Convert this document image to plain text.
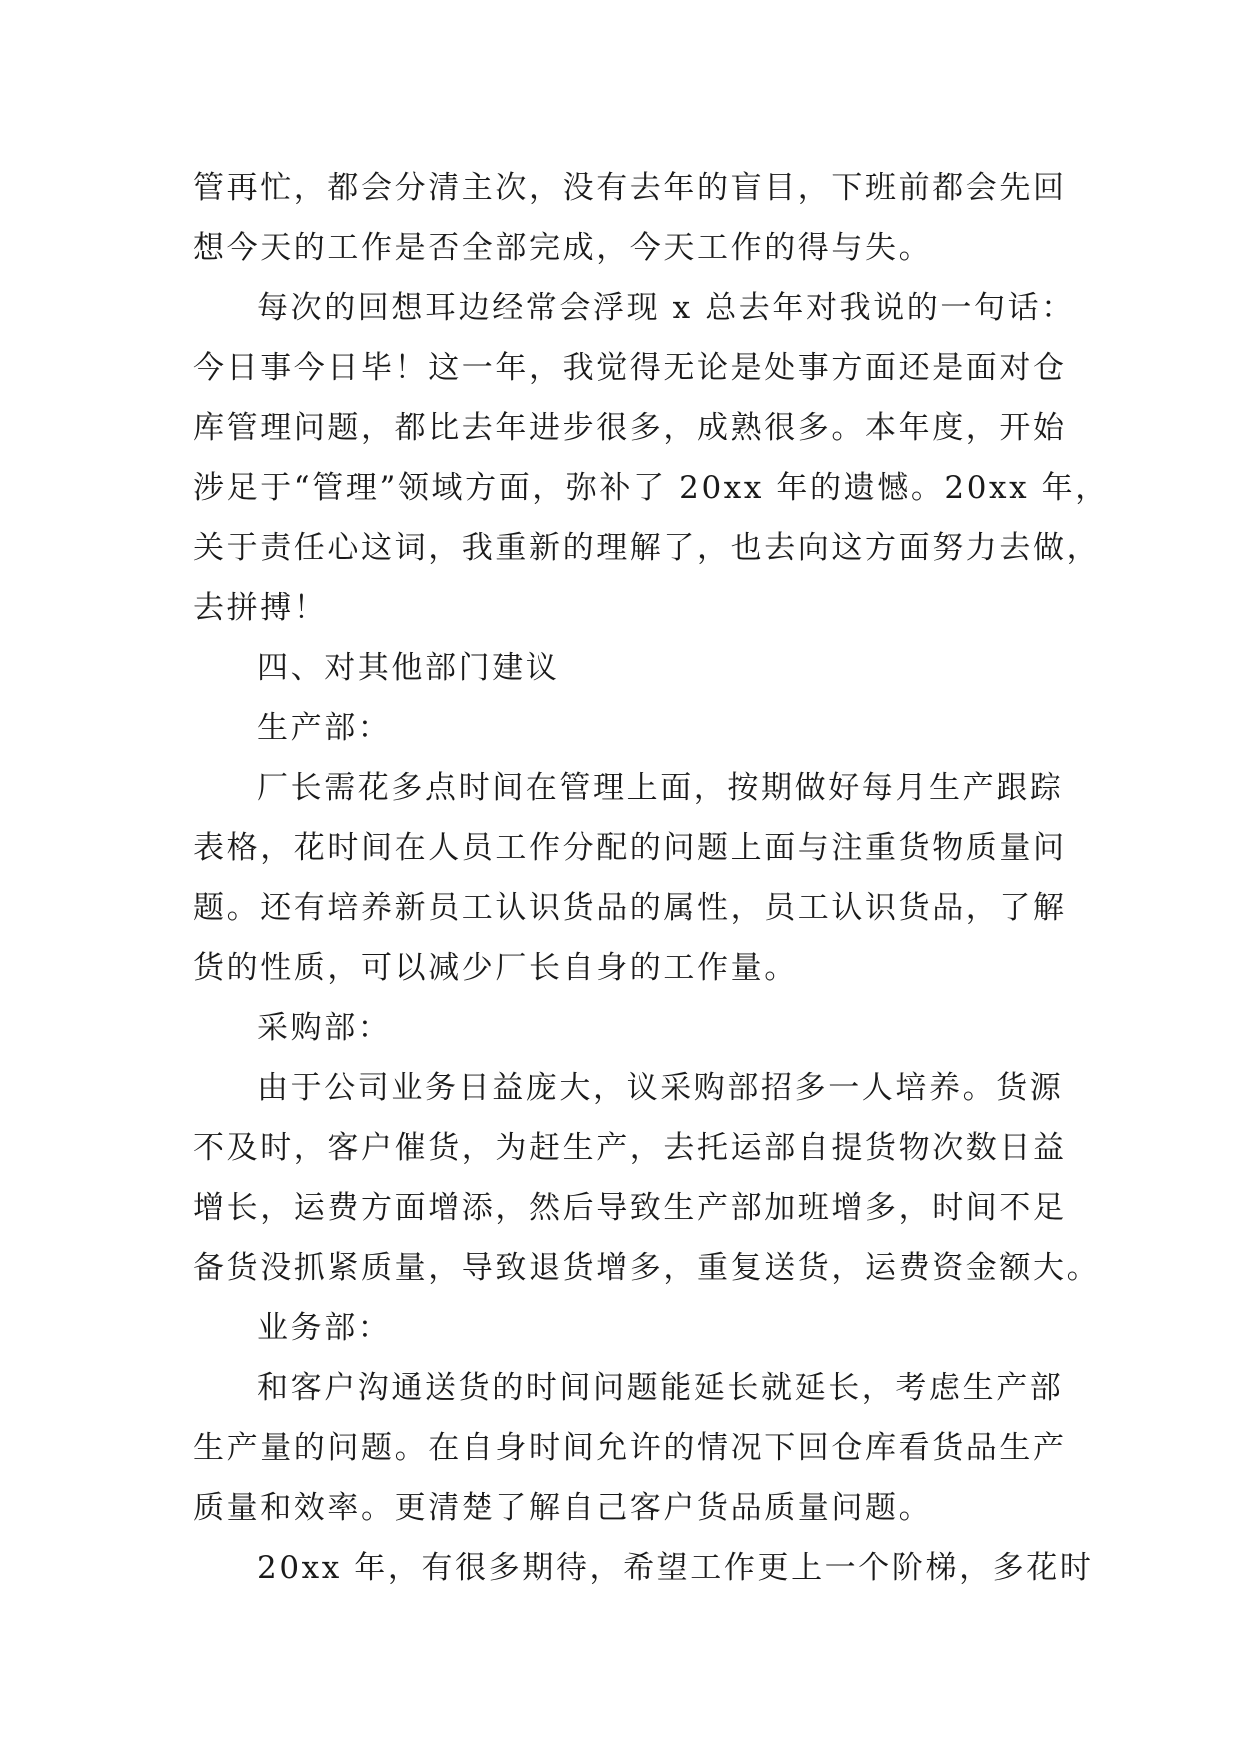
管再忙，都会分清主次，没有去年的盲目，下班前都会先回
想今天的工作是否全部完成，今天工作的得与失。
每次的回想耳边经常会浮现 x 总去年对我说的一句话：
今日事今日毕！这一年，我觉得无论是处事方面还是面对仓
库管理问题，都比去年进步很多，成熟很多。本年度，开始
涉足于“管理”领域方面，弥补了 20xx 年的遗憾。20xx 年，
关于责任心这词，我重新的理解了，也去向这方面努力去做，
去拼搏！
四、对其他部门建议
生产部：
厂长需花多点时间在管理上面，按期做好每月生产跟踪
表格，花时间在人员工作分配的问题上面与注重货物质量问
题。还有培养新员工认识货品的属性，员工认识货品，了解
货的性质，可以减少厂长自身的工作量。
采购部：
由于公司业务日益庞大，议采购部招多一人培养。货源
不及时，客户催货，为赶生产，去托运部自提货物次数日益
增长，运费方面增添，然后导致生产部加班增多，时间不足
备货没抓紧质量，导致退货增多，重复送货，运费资金额大。
业务部：
和客户沟通送货的时间问题能延长就延长，考虑生产部
生产量的问题。在自身时间允许的情况下回仓库看货品生产
质量和效率。更清楚了解自己客户货品质量问题。
20xx 年，有很多期待，希望工作更上一个阶梯，多花时
